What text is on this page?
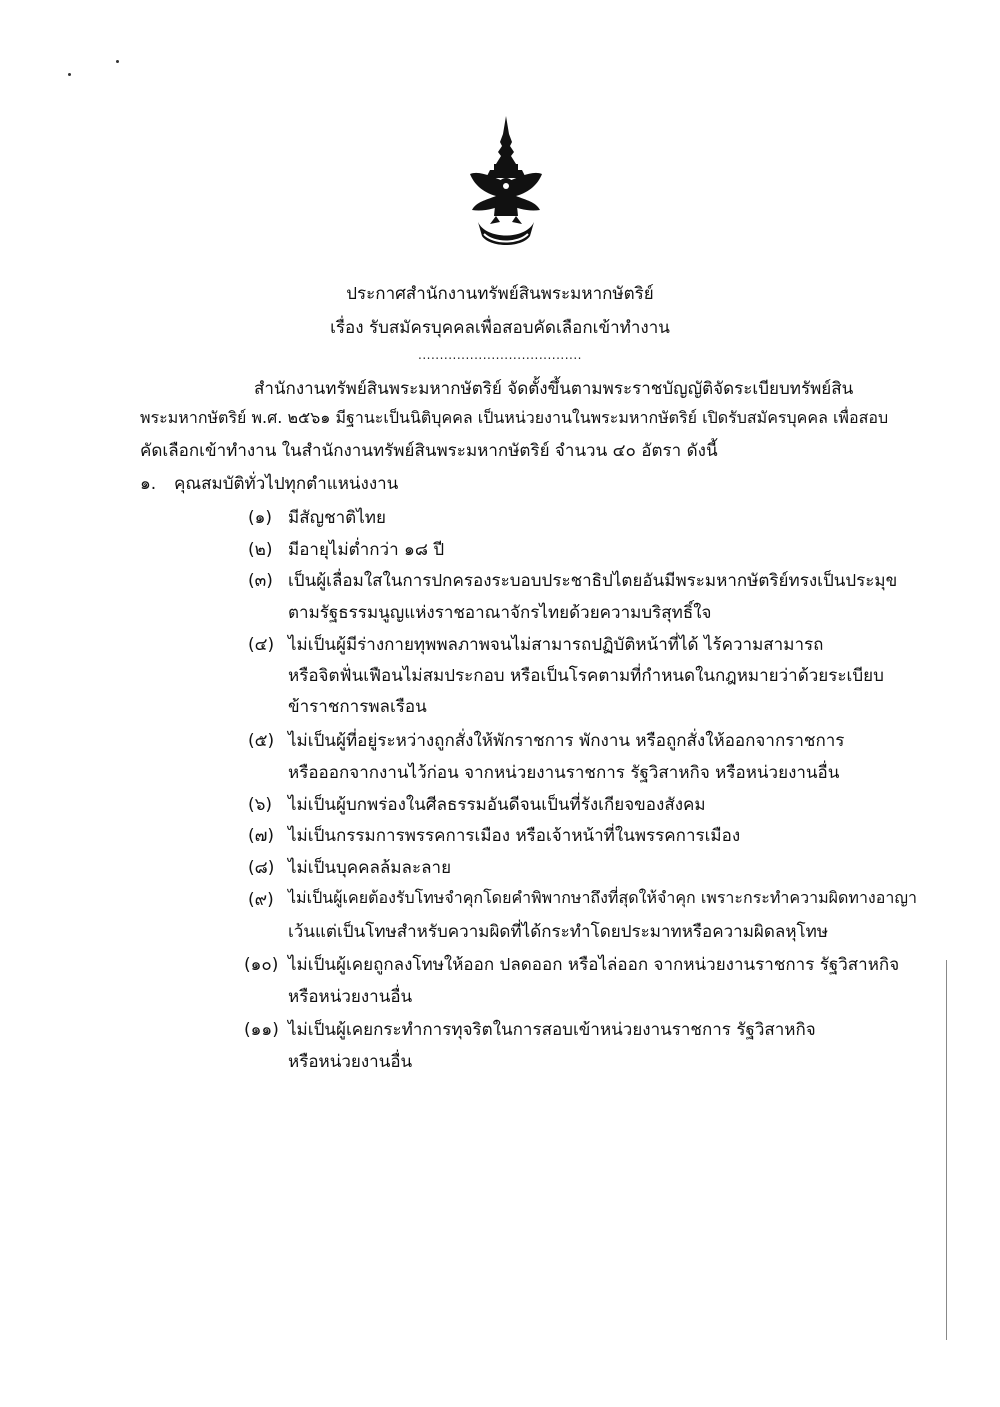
ประกาศสำนักงานทรัพย์สินพระมหากษัตริย์
เรื่อง รับสมัครบุคคลเพื่อสอบคัดเลือกเข้าทำงาน
......................................
สำนักงานทรัพย์สินพระมหากษัตริย์ จัดตั้งขึ้นตามพระราชบัญญัติจัดระเบียบทรัพย์สิน
พระมหากษัตริย์ พ.ศ. ๒๕๖๑ มีฐานะเป็นนิติบุคคล เป็นหน่วยงานในพระมหากษัตริย์ เปิดรับสมัครบุคคล เพื่อสอบ
คัดเลือกเข้าทำงาน ในสำนักงานทรัพย์สินพระมหากษัตริย์ จำนวน ๔๐ อัตรา ดังนี้
๑. คุณสมบัติทั่วไปทุกตำแหน่งงาน
(๑) มีสัญชาติไทย
(๒) มีอายุไม่ต่ำกว่า ๑๘ ปี
(๓) เป็นผู้เลื่อมใสในการปกครองระบอบประชาธิปไตยอันมีพระมหากษัตริย์ทรงเป็นประมุข
ตามรัฐธรรมนูญแห่งราชอาณาจักรไทยด้วยความบริสุทธิ์ใจ
(๔) ไม่เป็นผู้มีร่างกายทุพพลภาพจนไม่สามารถปฏิบัติหน้าที่ได้ ไร้ความสามารถ
หรือจิตฟั่นเฟือนไม่สมประกอบ หรือเป็นโรคตามที่กำหนดในกฎหมายว่าด้วยระเบียบ
ข้าราชการพลเรือน
(๕) ไม่เป็นผู้ที่อยู่ระหว่างถูกสั่งให้พักราชการ พักงาน หรือถูกสั่งให้ออกจากราชการ
หรือออกจากงานไว้ก่อน จากหน่วยงานราชการ รัฐวิสาหกิจ หรือหน่วยงานอื่น
(๖) ไม่เป็นผู้บกพร่องในศีลธรรมอันดีจนเป็นที่รังเกียจของสังคม
(๗) ไม่เป็นกรรมการพรรคการเมือง หรือเจ้าหน้าที่ในพรรคการเมือง
(๘) ไม่เป็นบุคคลล้มละลาย
(๙) ไม่เป็นผู้เคยต้องรับโทษจำคุกโดยคำพิพากษาถึงที่สุดให้จำคุก เพราะกระทำความผิดทางอาญา
เว้นแต่เป็นโทษสำหรับความผิดที่ได้กระทำโดยประมาทหรือความผิดลหุโทษ
(๑๐) ไม่เป็นผู้เคยถูกลงโทษให้ออก ปลดออก หรือไล่ออก จากหน่วยงานราชการ รัฐวิสาหกิจ
หรือหน่วยงานอื่น
(๑๑) ไม่เป็นผู้เคยกระทำการทุจริตในการสอบเข้าหน่วยงานราชการ รัฐวิสาหกิจ
หรือหน่วยงานอื่น
